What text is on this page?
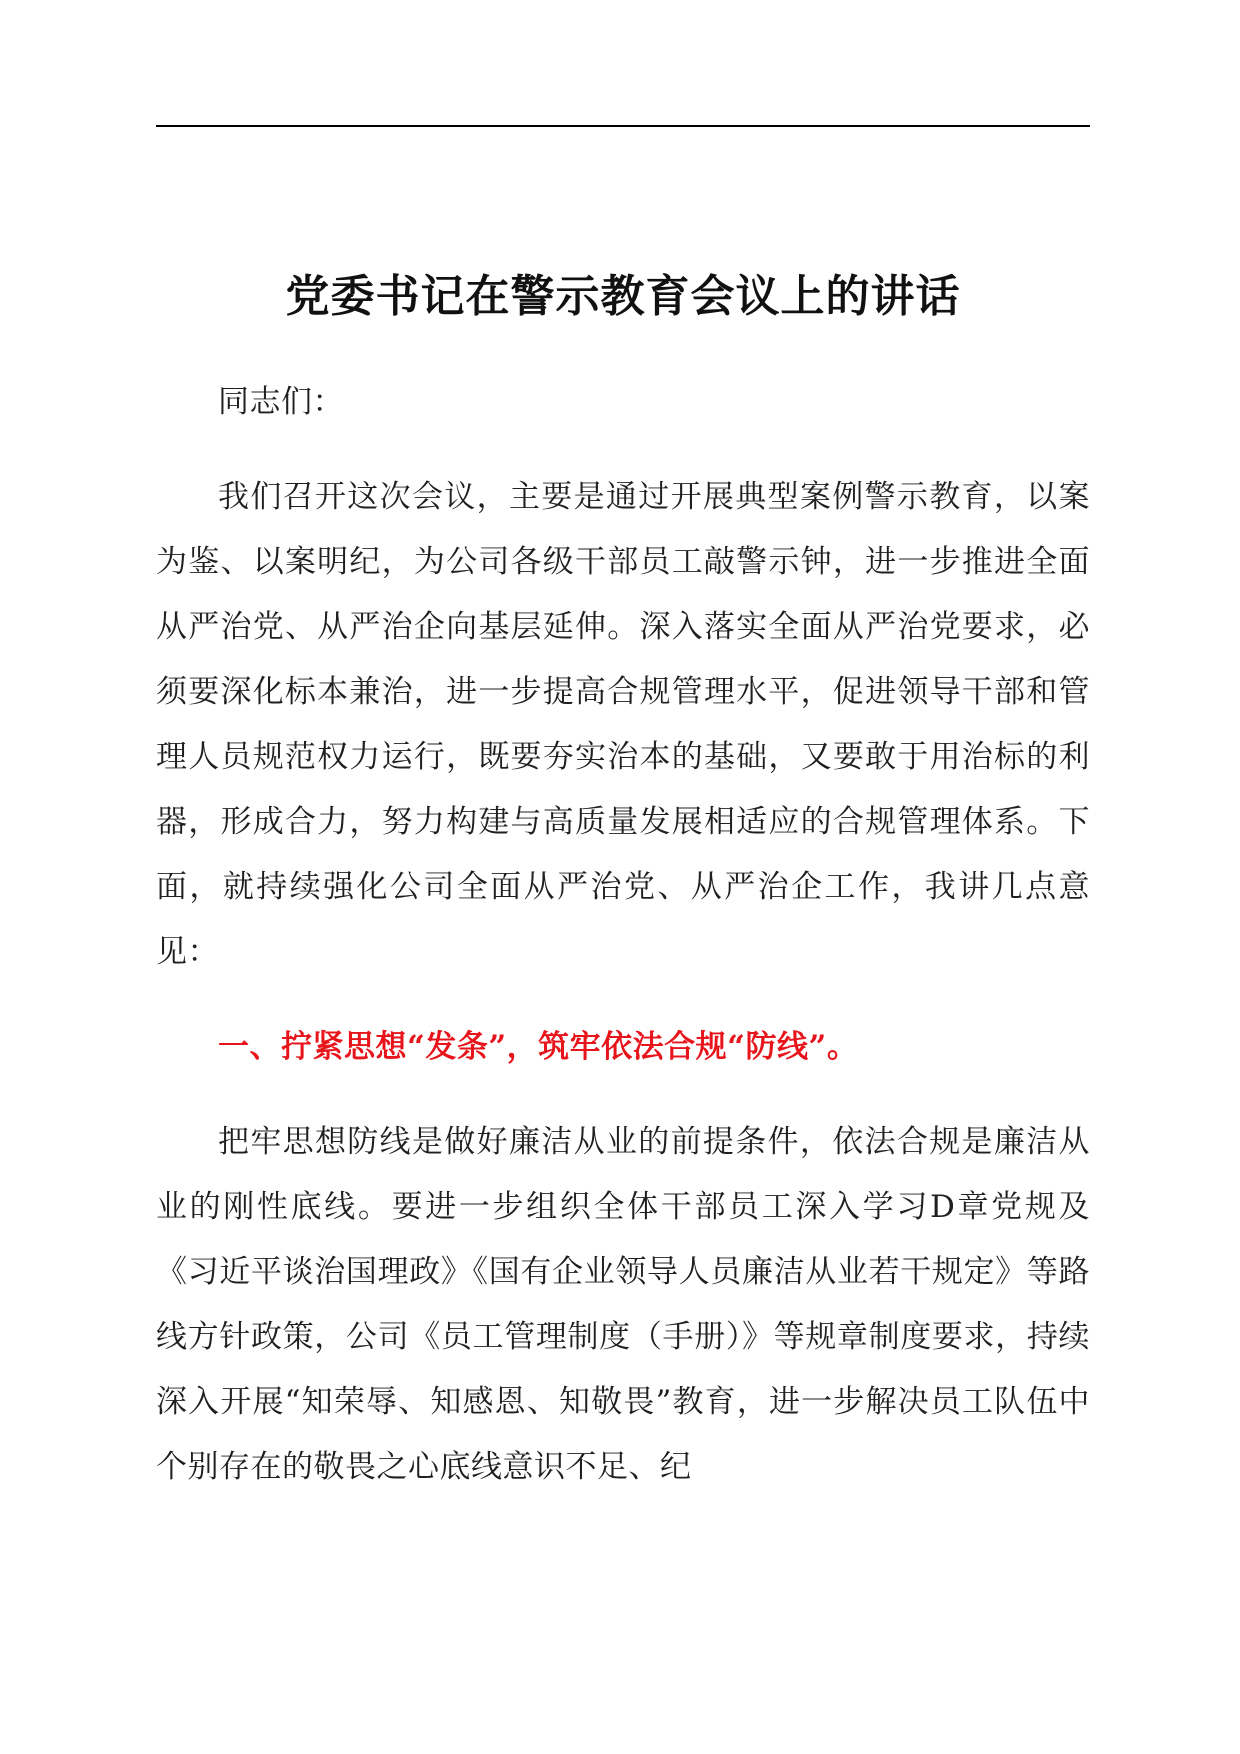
党委书记在警示教育会议上的讲话

同志们：

我们召开这次会议，主要是通过开展典型案例警示教育，以案为鉴、以案明纪，为公司各级干部员工敲警示钟，进一步推进全面从严治党、从严治企向基层延伸。深入落实全面从严治党要求，必须要深化标本兼治，进一步提高合规管理水平，促进领导干部和管理人员规范权力运行，既要夯实治本的基础，又要敢于用治标的利器，形成合力，努力构建与高质量发展相适应的合规管理体系。下面，就持续强化公司全面从严治党、从严治企工作，我讲几点意见：

一、拧紧思想“发条”，筑牢依法合规“防线”。

把牢思想防线是做好廉洁从业的前提条件，依法合规是廉洁从业的刚性底线。要进一步组织全体干部员工深入学习D章党规及《习近平谈治国理政》《国有企业领导人员廉洁从业若干规定》等路线方针政策，公司《员工管理制度（手册）》等规章制度要求，持续深入开展“知荣辱、知感恩、知敬畏”教育，进一步解决员工队伍中个别存在的敬畏之心底线意识不足、纪
